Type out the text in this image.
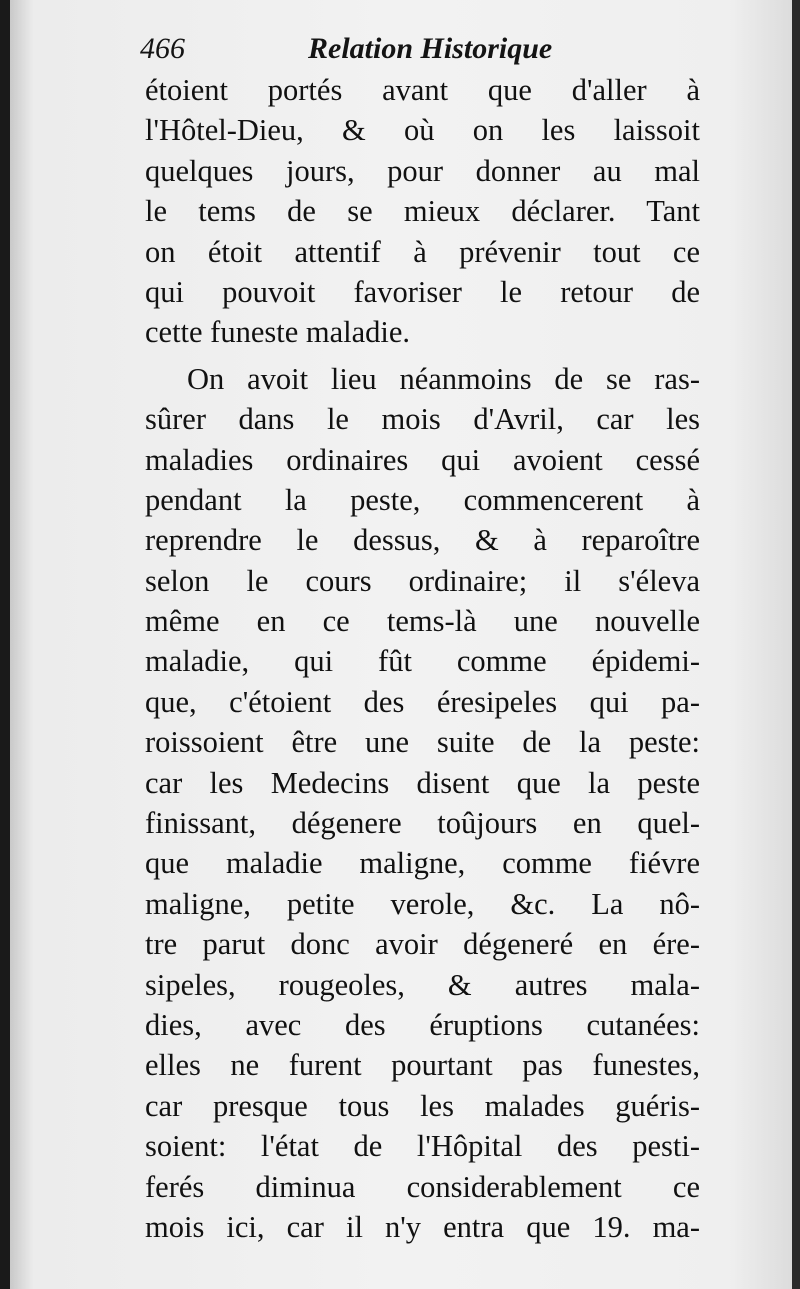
466	Relation Historique
étoient portés avant que d'aller à
l'Hôtel-Dieu, & où on les laissoit
quelques jours, pour donner au mal
le tems de se mieux déclarer. Tant
on étoit attentif à prévenir tout ce
qui pouvoit favoriser le retour de
cette funeste maladie.
On avoit lieu néanmoins de se ras-
sûrer dans le mois d'Avril, car les
maladies ordinaires qui avoient cessé
pendant la peste, commencerent à
reprendre le dessus, & à reparoître
selon le cours ordinaire; il s'éleva
même en ce tems-là une nouvelle
maladie, qui fût comme épidemi-
que, c'étoient des éresipeles qui pa-
roissoient être une suite de la peste:
car les Medecins disent que la peste
finissant, dégenere toûjours en quel-
que maladie maligne, comme fiévre
maligne, petite verole, &c. La nô-
tre parut donc avoir dégeneré en ére-
sipeles, rougeoles, & autres mala-
dies, avec des éruptions cutanées:
elles ne furent pourtant pas funestes,
car presque tous les malades guéris-
soient: l'état de l'Hôpital des pesti-
ferés diminua considerablement ce
mois ici, car il n'y entra que 19. ma-
